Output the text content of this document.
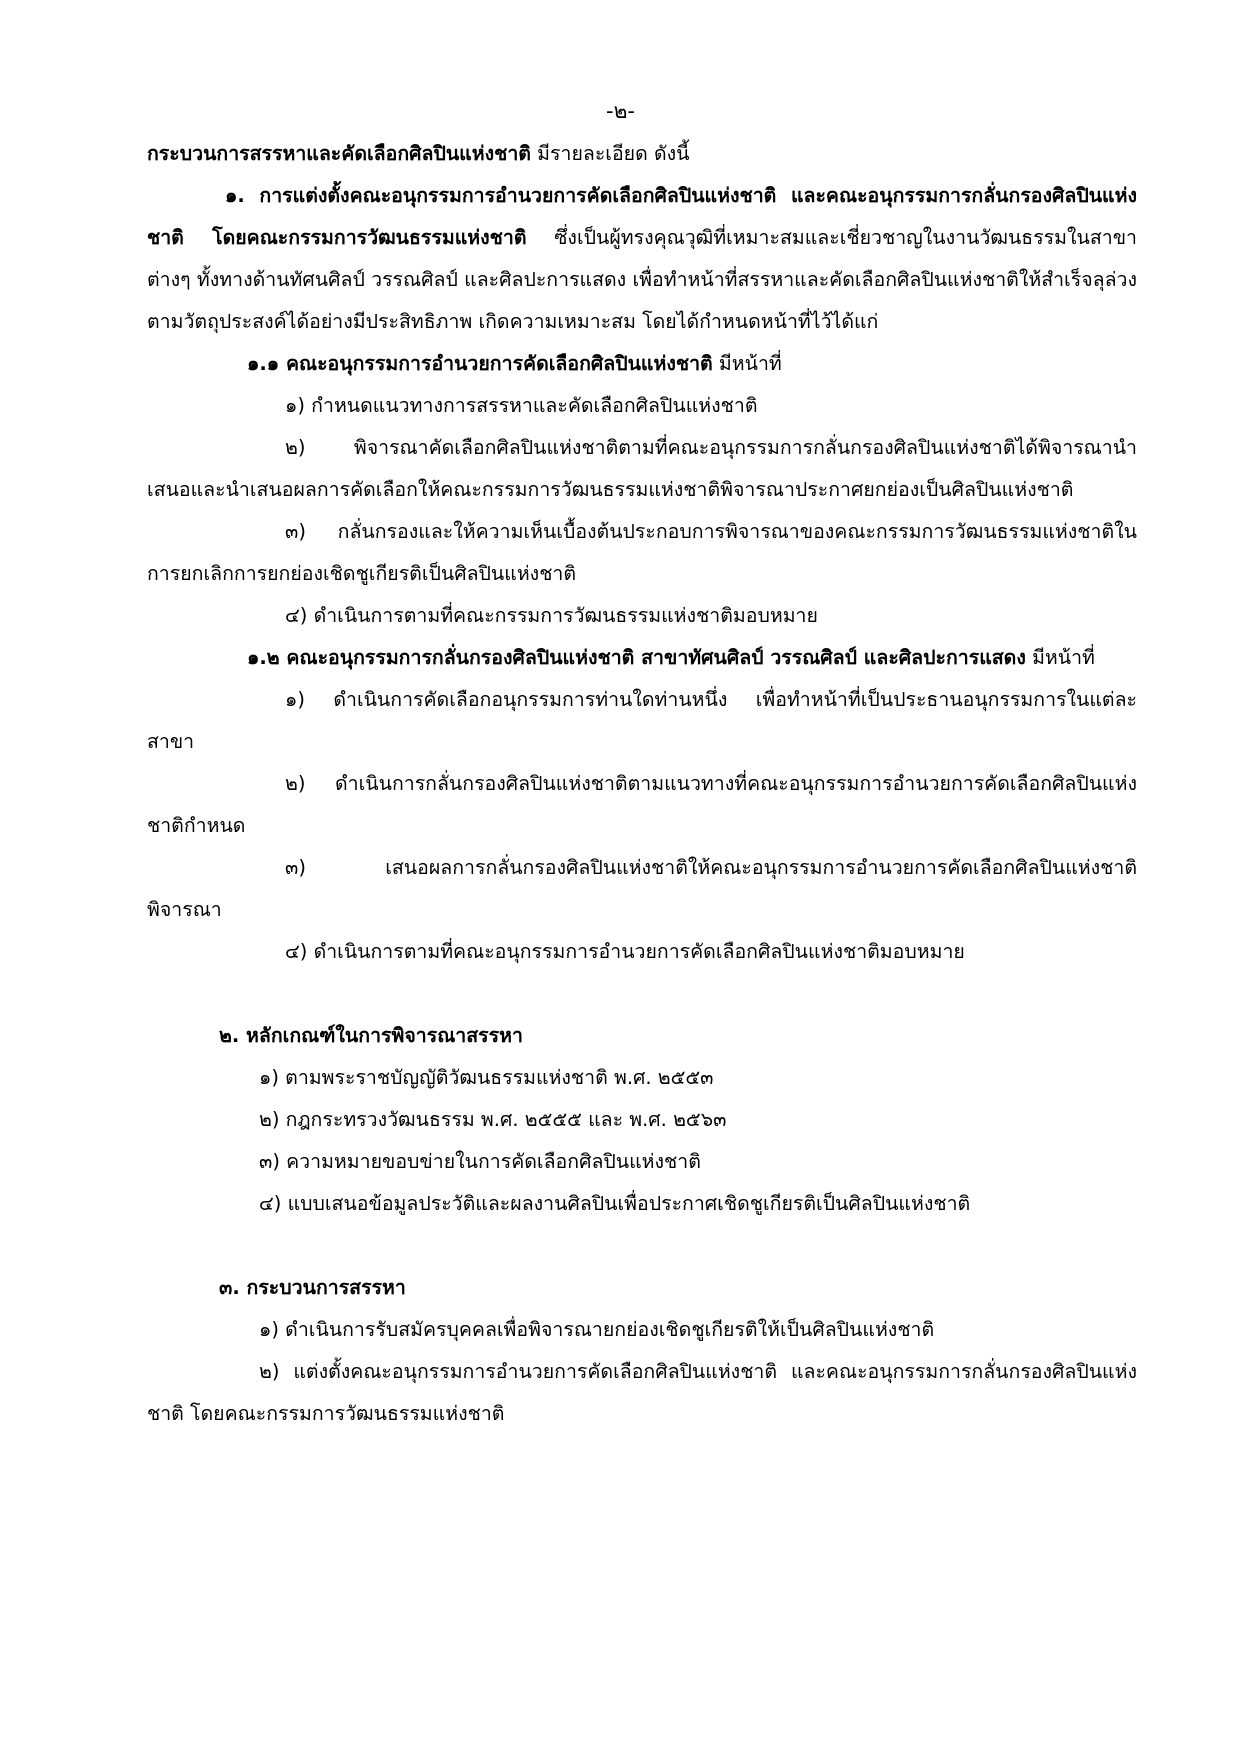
-๒-

กระบวนการสรรหาและคัดเลือกศิลปินแห่งชาติ มีรายละเอียด ดังนี้

๑. การแต่งตั้งคณะอนุกรรมการอำนวยการคัดเลือกศิลปินแห่งชาติ และคณะอนุกรรมการกลั่นกรองศิลปินแห่งชาติ โดยคณะกรรมการวัฒนธรรมแห่งชาติ ซึ่งเป็นผู้ทรงคุณวุฒิที่เหมาะสมและเชี่ยวชาญในงานวัฒนธรรมในสาขาต่างๆ ทั้งทางด้านทัศนศิลป์ วรรณศิลป์ และศิลปะการแสดง เพื่อทำหน้าที่สรรหาและคัดเลือกศิลปินแห่งชาติให้สำเร็จลุล่วงตามวัตถุประสงค์ได้อย่างมีประสิทธิภาพ เกิดความเหมาะสม โดยได้กำหนดหน้าที่ไว้ได้แก่

๑.๑ คณะอนุกรรมการอำนวยการคัดเลือกศิลปินแห่งชาติ มีหน้าที่

๑) กำหนดแนวทางการสรรหาและคัดเลือกศิลปินแห่งชาติ

๒) พิจารณาคัดเลือกศิลปินแห่งชาติตามที่คณะอนุกรรมการกลั่นกรองศิลปินแห่งชาติได้พิจารณานำเสนอและนำเสนอผลการคัดเลือกให้คณะกรรมการวัฒนธรรมแห่งชาติพิจารณาประกาศยกย่องเป็นศิลปินแห่งชาติ

๓) กลั่นกรองและให้ความเห็นเบื้องต้นประกอบการพิจารณาของคณะกรรมการวัฒนธรรมแห่งชาติในการยกเลิกการยกย่องเชิดชูเกียรติเป็นศิลปินแห่งชาติ

๔) ดำเนินการตามที่คณะกรรมการวัฒนธรรมแห่งชาติมอบหมาย

๑.๒ คณะอนุกรรมการกลั่นกรองศิลปินแห่งชาติ สาขาทัศนศิลป์ วรรณศิลป์ และศิลปะการแสดง มีหน้าที่

๑) ดำเนินการคัดเลือกอนุกรรมการท่านใดท่านหนึ่ง เพื่อทำหน้าที่เป็นประธานอนุกรรมการในแต่ละสาขา

๒) ดำเนินการกลั่นกรองศิลปินแห่งชาติตามแนวทางที่คณะอนุกรรมการอำนวยการคัดเลือกศิลปินแห่งชาติกำหนด

๓) เสนอผลการกลั่นกรองศิลปินแห่งชาติให้คณะอนุกรรมการอำนวยการคัดเลือกศิลปินแห่งชาติพิจารณา

๔) ดำเนินการตามที่คณะอนุกรรมการอำนวยการคัดเลือกศิลปินแห่งชาติมอบหมาย

๒. หลักเกณฑ์ในการพิจารณาสรรหา

๑) ตามพระราชบัญญัติวัฒนธรรมแห่งชาติ พ.ศ. ๒๕๕๓

๒) กฎกระทรวงวัฒนธรรม พ.ศ. ๒๕๕๕ และ พ.ศ. ๒๕๖๓

๓) ความหมายขอบข่ายในการคัดเลือกศิลปินแห่งชาติ

๔) แบบเสนอข้อมูลประวัติและผลงานศิลปินเพื่อประกาศเชิดชูเกียรติเป็นศิลปินแห่งชาติ

๓. กระบวนการสรรหา

๑) ดำเนินการรับสมัครบุคคลเพื่อพิจารณายกย่องเชิดชูเกียรติให้เป็นศิลปินแห่งชาติ

๒) แต่งตั้งคณะอนุกรรมการอำนวยการคัดเลือกศิลปินแห่งชาติ และคณะอนุกรรมการกลั่นกรองศิลปินแห่งชาติ โดยคณะกรรมการวัฒนธรรมแห่งชาติ
